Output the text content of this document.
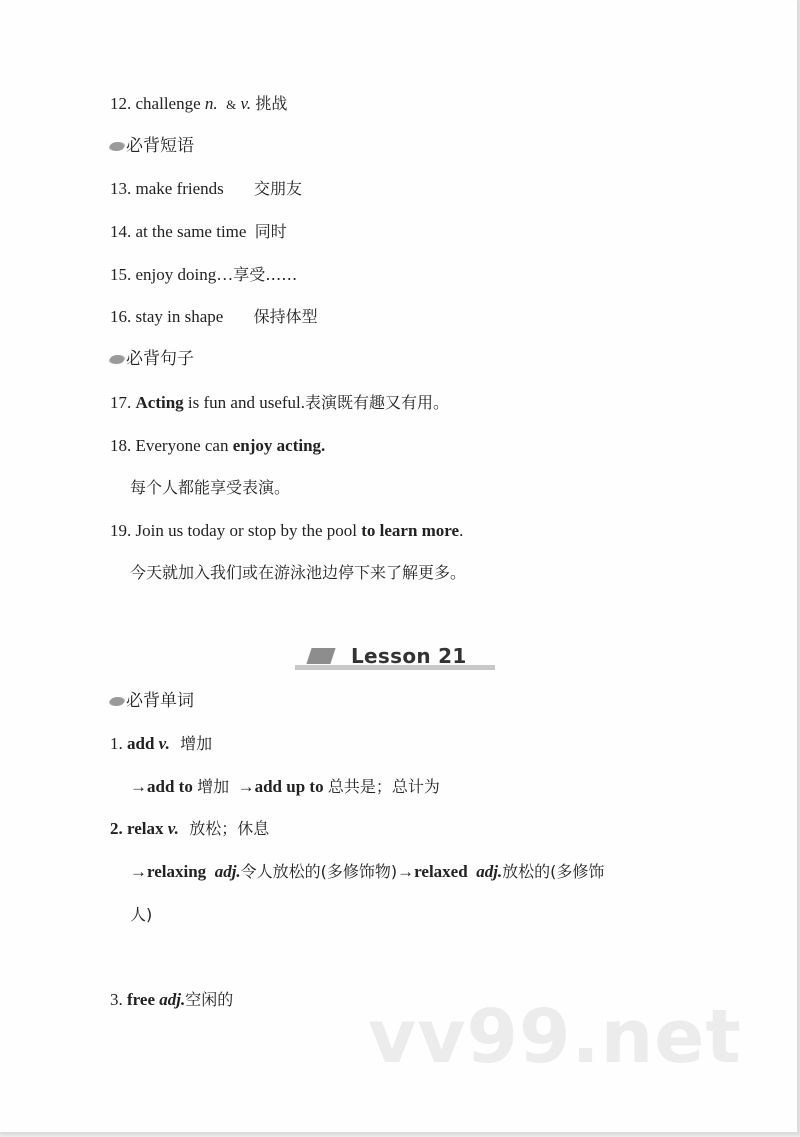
12. challenge n. & v. 挑战
必背短语
13. make friends 交朋友
14. at the same time 同时
15. enjoy doing…享受……
16. stay in shape 保持体型
必背句子
17. Acting is fun and useful.表演既有趣又有用。
18. Everyone can enjoy acting.
每个人都能享受表演。
19. Join us today or stop by the pool to learn more.
今天就加入我们或在游泳池边停下来了解更多。
Lesson 21
必背单词
1. add v. 增加
→add to 增加 →add up to 总共是；总计为
2. relax v. 放松；休息
→relaxing adj.令人放松的(多修饰物)→relaxed adj.放松的(多修饰
人)
3. free adj.空闲的 vv99.net
